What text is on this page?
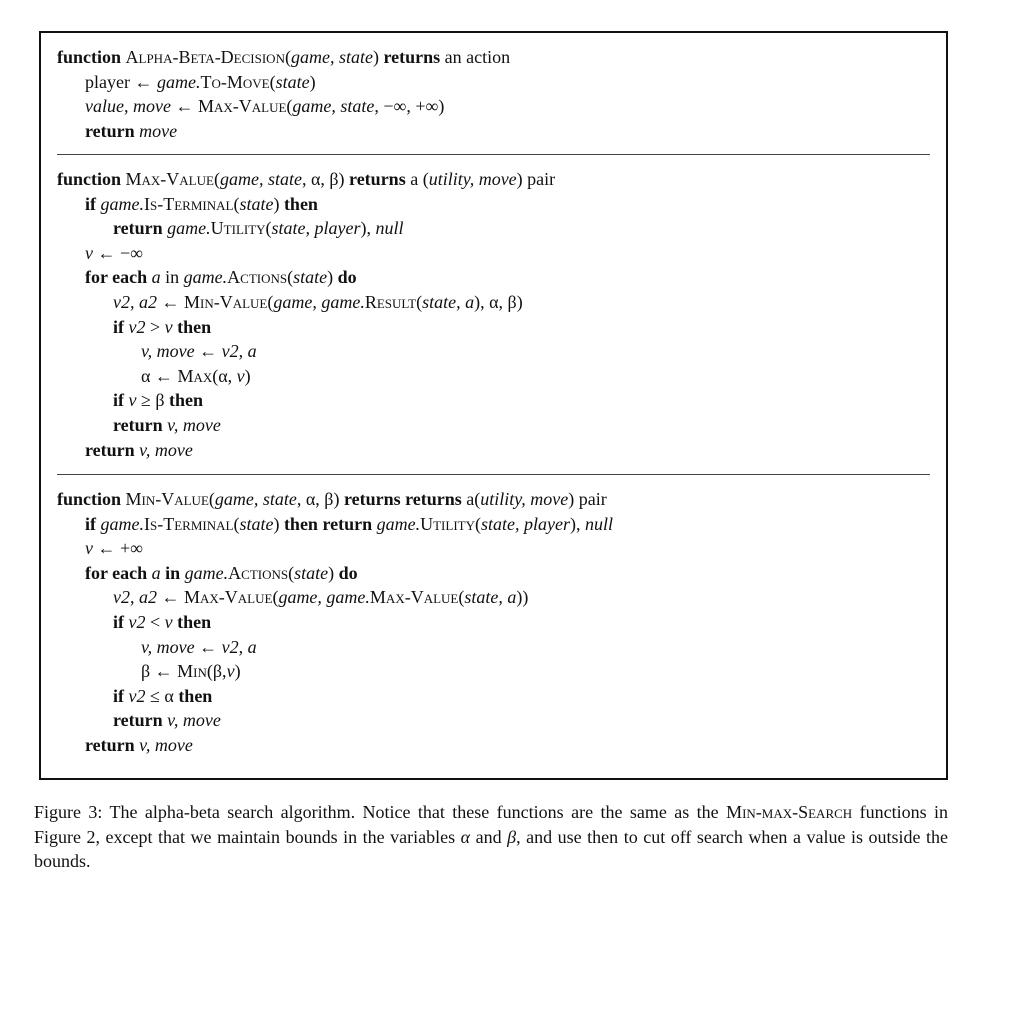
function Alpha-Beta-Decision(game, state) returns an action
player ← game.To-Move(state)
value, move ← Max-Value(game, state, −∞, +∞)
return move
function Max-Value(game, state, α, β) returns a (utility, move) pair
if game.Is-Terminal(state) then
return game.Utility(state, player), null
v ← −∞
for each a in game.Actions(state) do
v2, a2 ← Min-Value(game, game.Result(state, a), α, β)
if v2 > v then
v, move ← v2, a
α ← Max(α, v)
if v ≥ β then
return v, move
return v, move
function Min-Value(game, state, α, β) returns returns a(utility, move) pair
if game.Is-Terminal(state) then return game.Utility(state, player), null
v ← +∞
for each a in game.Actions(state) do
v2, a2 ← Max-Value(game, game.Max-Value(state, a))
if v2 < v then
v, move ← v2, a
β ← Min(β,v)
if v2 ≤ α then
return v, move
return v, move
Figure 3: The alpha-beta search algorithm. Notice that these functions are the same as the Min-max-Search functions in Figure 2, except that we maintain bounds in the variables α and β, and use then to cut off search when a value is outside the bounds.
